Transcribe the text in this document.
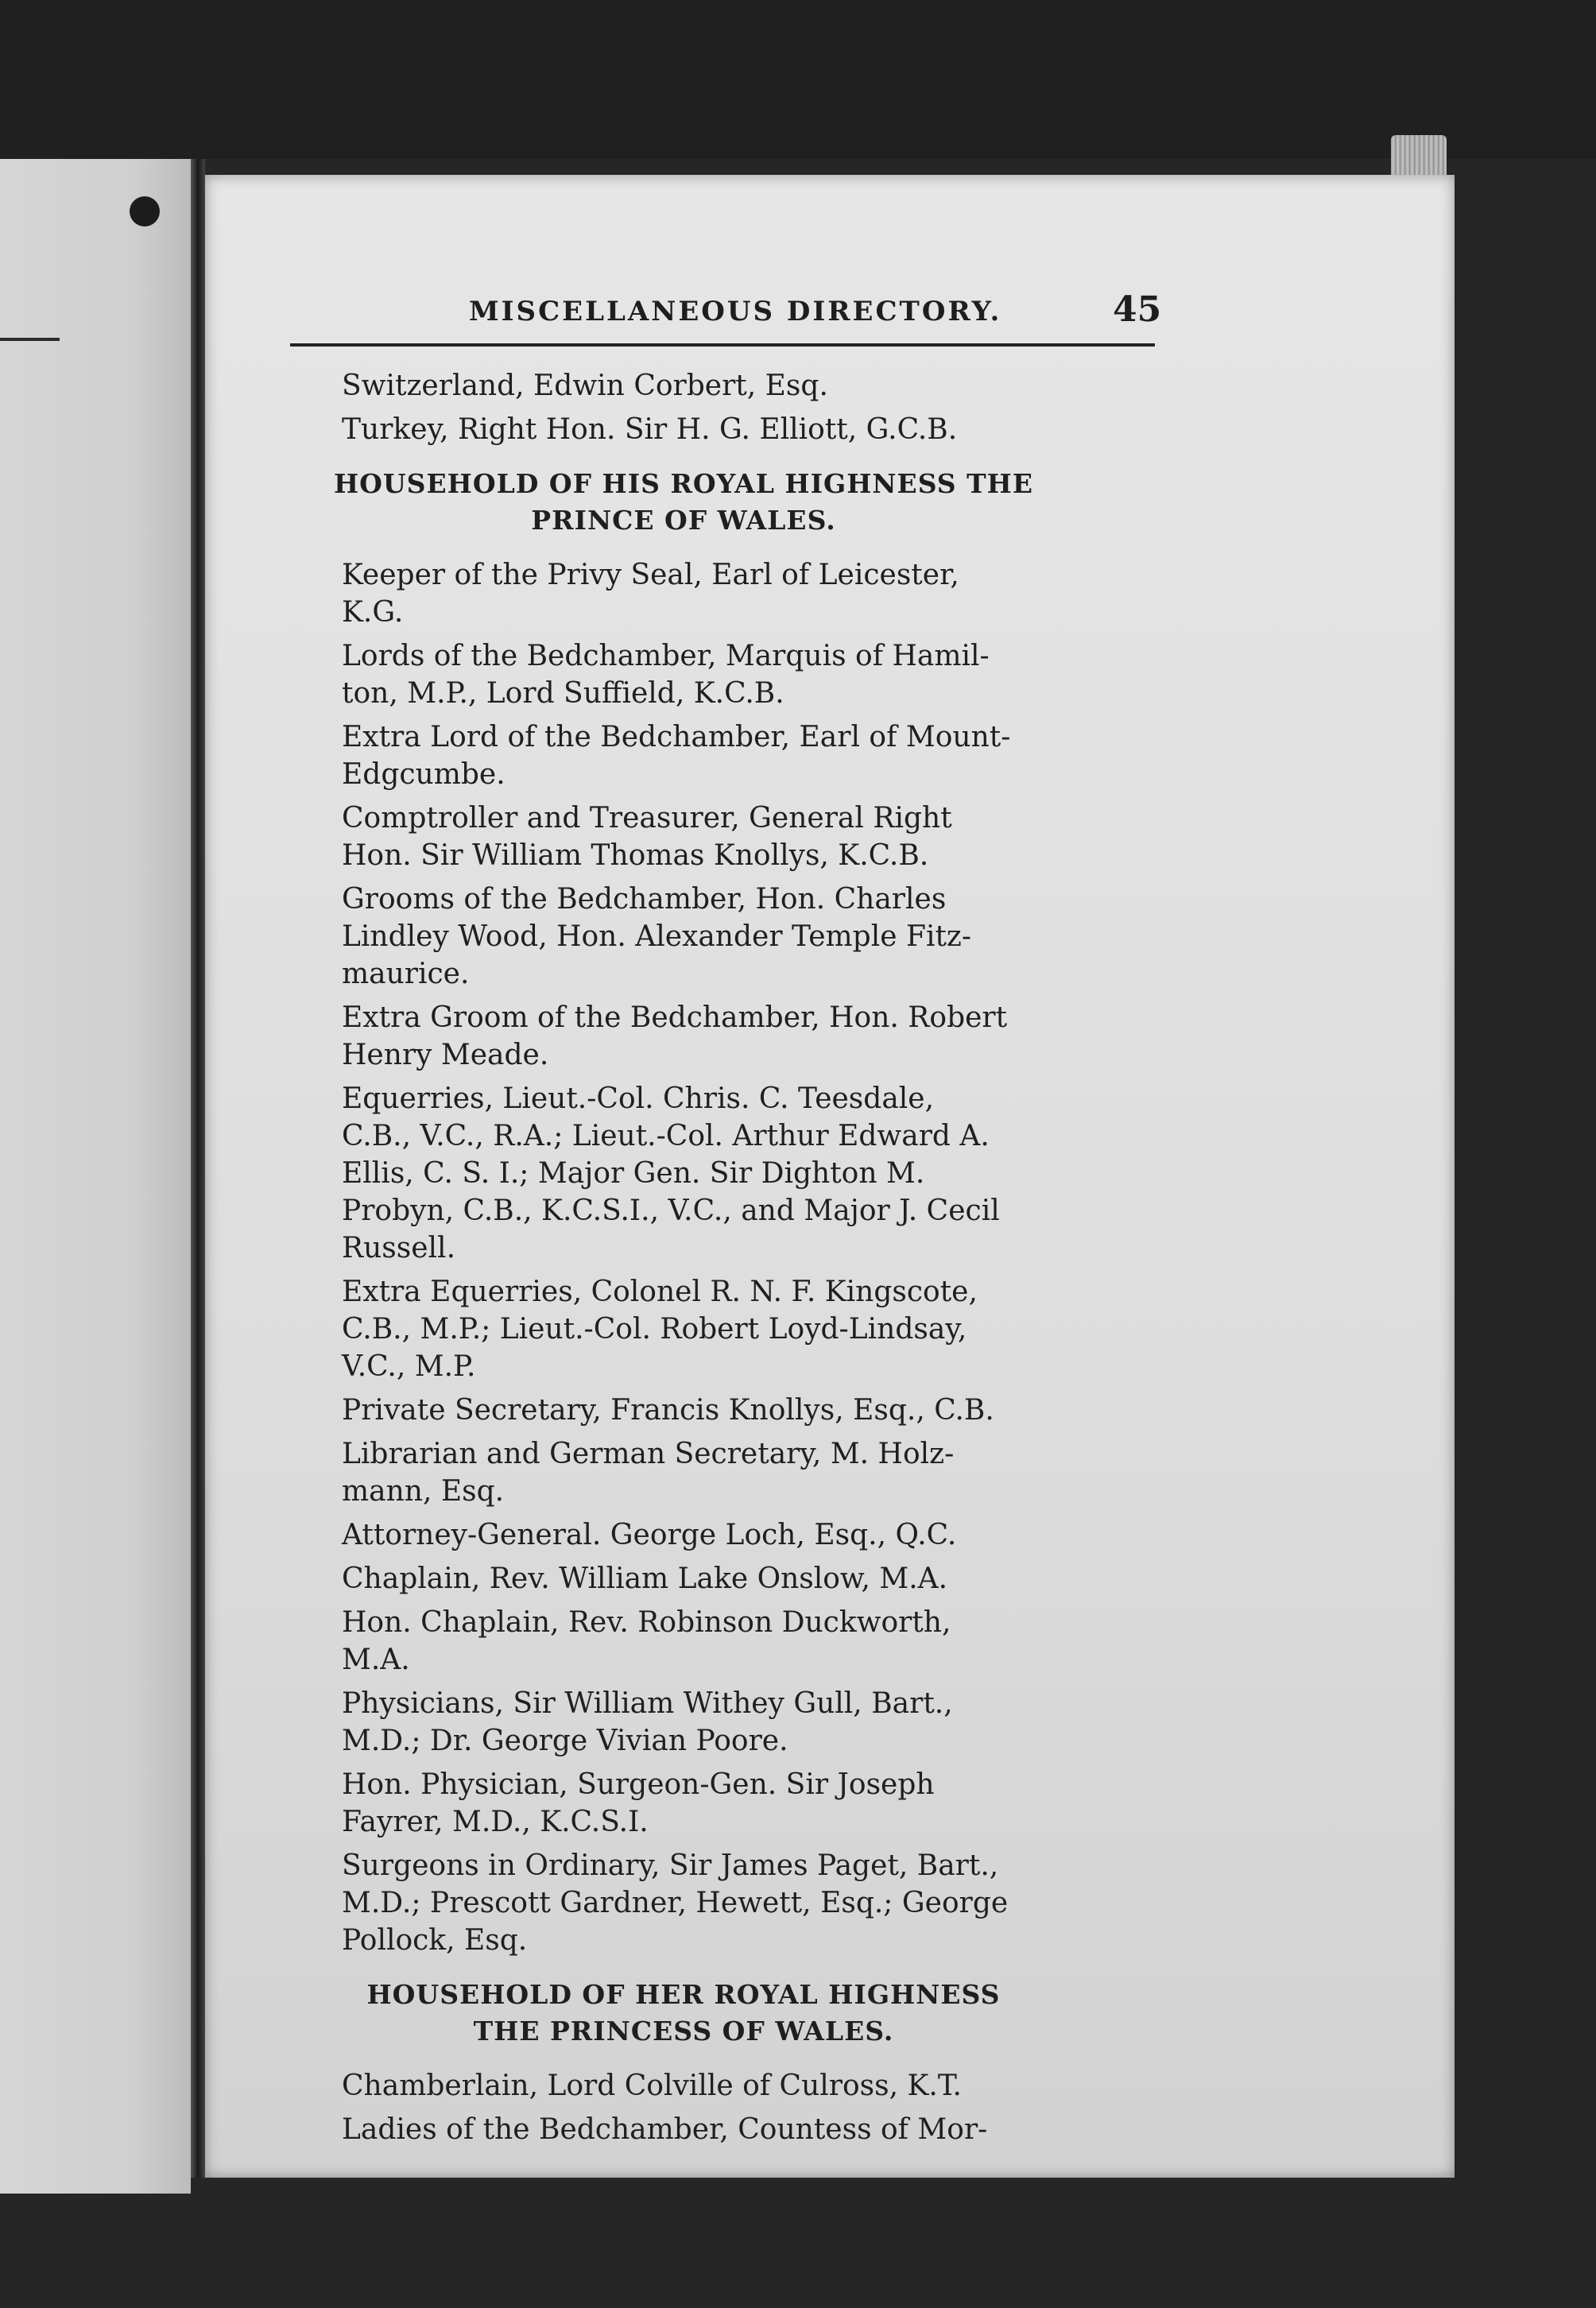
MISCELLANEOUS DIRECTORY.	45
Switzerland, Edwin Corbert, Esq.
Turkey, Right Hon. Sir H. G. Elliott, G.C.B.
HOUSEHOLD OF HIS ROYAL HIGHNESS THE
PRINCE OF WALES.
Keeper of the Privy Seal, Earl of Leicester,
K.G.
Lords of the Bedchamber, Marquis of Hamil-
ton, M.P., Lord Suffield, K.C.B.
Extra Lord of the Bedchamber, Earl of Mount-
Edgcumbe.
Comptroller and Treasurer, General Right
Hon. Sir William Thomas Knollys, K.C.B.
Grooms of the Bedchamber, Hon. Charles
Lindley Wood, Hon. Alexander Temple Fitz-
maurice.
Extra Groom of the Bedchamber, Hon. Robert
Henry Meade.
Equerries, Lieut.-Col. Chris. C. Teesdale,
C.B., V.C., R.A.; Lieut.-Col. Arthur Edward A.
Ellis, C. S. I.; Major Gen. Sir Dighton M.
Probyn, C.B., K.C.S.I., V.C., and Major J. Cecil
Russell.
Extra Equerries, Colonel R. N. F. Kingscote,
C.B., M.P.; Lieut.-Col. Robert Loyd-Lindsay,
V.C., M.P.
Private Secretary, Francis Knollys, Esq., C.B.
Librarian and German Secretary, M. Holz-
mann, Esq.
Attorney-General. George Loch, Esq., Q.C.
Chaplain, Rev. William Lake Onslow, M.A.
Hon. Chaplain, Rev. Robinson Duckworth,
M.A.
Physicians, Sir William Withey Gull, Bart.,
M.D.; Dr. George Vivian Poore.
Hon. Physician, Surgeon-Gen. Sir Joseph
Fayrer, M.D., K.C.S.I.
Surgeons in Ordinary, Sir James Paget, Bart.,
M.D.; Prescott Gardner, Hewett, Esq.; George
Pollock, Esq.
HOUSEHOLD OF HER ROYAL HIGHNESS
THE PRINCESS OF WALES.
Chamberlain, Lord Colville of Culross, K.T.
Ladies of the Bedchamber, Countess of Mor-
